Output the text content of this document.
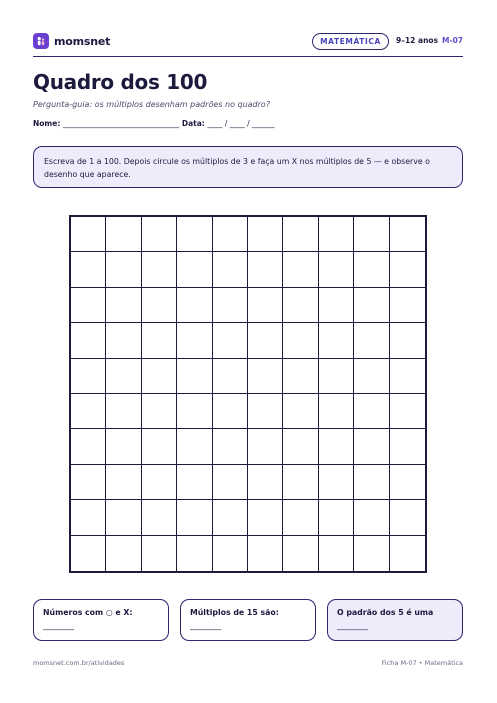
momsnet	MATEMÁTICA	9–12 anos M-07
Quadro dos 100
Pergunta-guia: os múltiplos desenham padrões no quadro?
Nome: _______________________________ Data: ____ / ____ / ______
Escreva de 1 a 100. Depois circule os múltiplos de 3 e faça um X nos múltiplos de 5 — e observe o desenho que aparece.
Números com ○ e X:
________
Múltiplos de 15 são:
________
O padrão dos 5 é uma
________
momsnet.com.br/atividades	Ficha M-07 • Matemática
